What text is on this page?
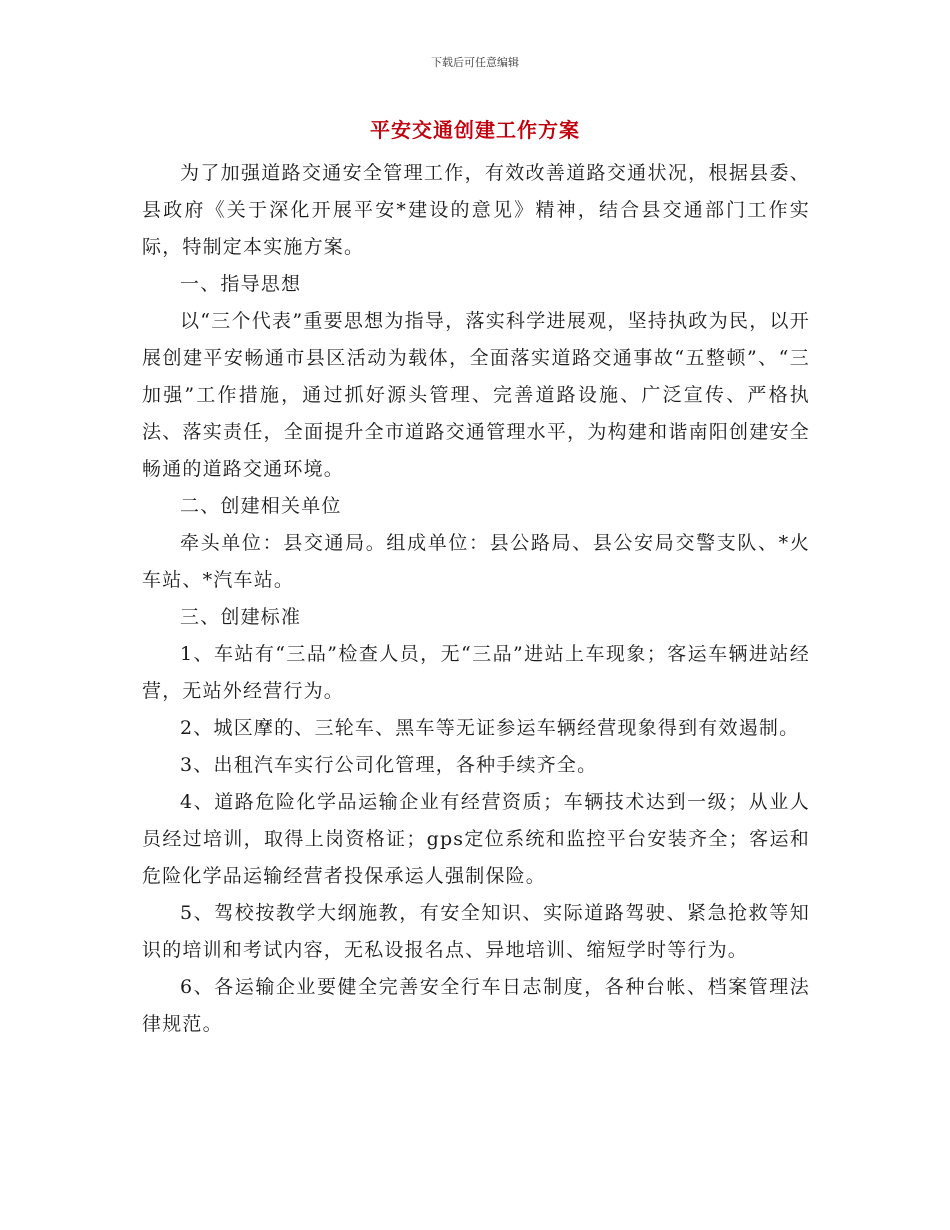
下载后可任意编辑
平安交通创建工作方案

为了加强道路交通安全管理工作，有效改善道路交通状况，根据县委、县政府《关于深化开展平安*建设的意见》精神，结合县交通部门工作实际，特制定本实施方案。

一、指导思想

以“三个代表”重要思想为指导，落实科学进展观，坚持执政为民，以开展创建平安畅通市县区活动为载体，全面落实道路交通事故“五整顿”、“三加强”工作措施，通过抓好源头管理、完善道路设施、广泛宣传、严格执法、落实责任，全面提升全市道路交通管理水平，为构建和谐南阳创建安全畅通的道路交通环境。

二、创建相关单位

牵头单位：县交通局。组成单位：县公路局、县公安局交警支队、*火车站、*汽车站。

三、创建标准

1、车站有“三品”检查人员，无“三品”进站上车现象；客运车辆进站经营，无站外经营行为。

2、城区摩的、三轮车、黑车等无证参运车辆经营现象得到有效遏制。

3、出租汽车实行公司化管理，各种手续齐全。

4、道路危险化学品运输企业有经营资质；车辆技术达到一级；从业人员经过培训，取得上岗资格证；gps定位系统和监控平台安装齐全；客运和危险化学品运输经营者投保承运人强制保险。

5、驾校按教学大纲施教，有安全知识、实际道路驾驶、紧急抢救等知识的培训和考试内容，无私设报名点、异地培训、缩短学时等行为。

6、各运输企业要健全完善安全行车日志制度，各种台帐、档案管理法律规范。
